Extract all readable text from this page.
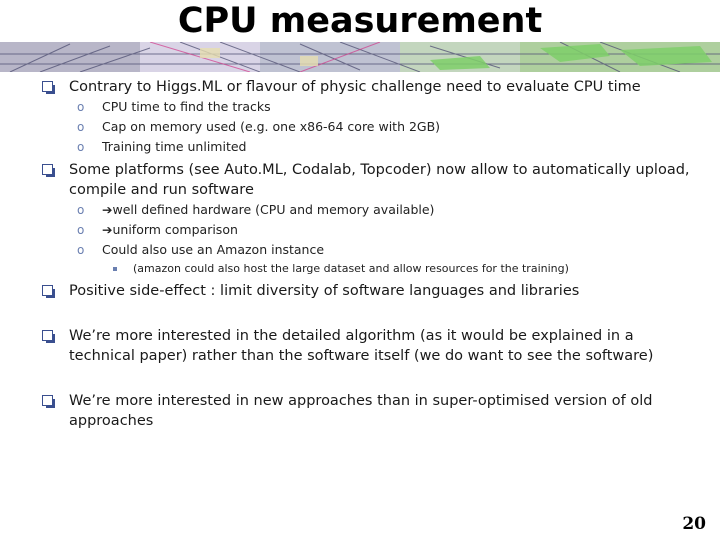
CPU measurement
Contrary to Higgs.ML or flavour of physic challenge need to evaluate CPU time
o CPU time to find the tracks
o Cap on memory used (e.g. one x86-64 core with 2GB)
o Training time unlimited
Some platforms (see Auto.ML, Codalab, Topcoder) now allow to automatically upload,
compile and run software
o ➔well defined hardware (CPU and memory available)
o ➔uniform comparison
o Could also use an Amazon instance
(amazon could also host the large dataset and allow resources for the training)
Positive side-effect : limit diversity of software languages and libraries
We’re more interested in the detailed algorithm (as it would be explained in a
technical paper) rather than the software itself (we do want to see the software)
We’re more interested in new approaches than in super-optimised version of old
approaches
20
